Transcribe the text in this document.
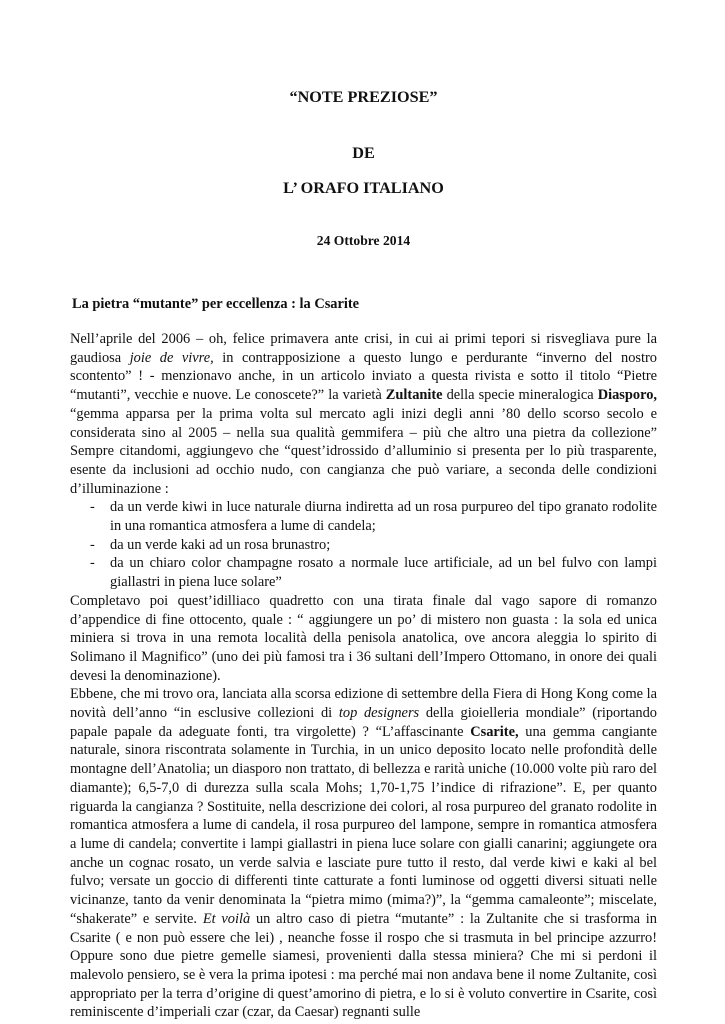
“NOTE PREZIOSE”
DE
L’ ORAFO ITALIANO
24 Ottobre 2014
La pietra “mutante” per eccellenza : la Csarite

Nell’aprile del 2006 – oh, felice primavera ante crisi, in cui ai primi tepori si risvegliava pure la gaudiosa joie de vivre, in contrapposizione a questo lungo e perdurante “inverno del nostro scontento” ! - menzionavo anche, in un articolo inviato a questa rivista e sotto il titolo “Pietre “mutanti”, vecchie e nuove. Le conoscete?” la varietà Zultanite della specie mineralogica Diasporo, “gemma apparsa per la prima volta sul mercato agli inizi degli anni ’80 dello scorso secolo e considerata sino al 2005 – nella sua qualità gemmifera – più che altro una pietra da collezione” Sempre citandomi, aggiungevo che “quest’idrossido d’alluminio si presenta per lo più trasparente, esente da inclusioni ad occhio nudo, con cangianza che può variare, a seconda delle condizioni d’illuminazione :

- da un verde kiwi in luce naturale diurna indiretta ad un rosa purpureo del tipo granato rodolite in una romantica atmosfera a lume di candela;
- da un verde kaki ad un rosa brunastro;
- da un chiaro color champagne rosato a normale luce artificiale, ad un bel fulvo con lampi giallastri in piena luce solare”

Completavo poi quest’idilliaco quadretto con una tirata finale dal vago sapore di romanzo d’appendice di fine ottocento, quale : “ aggiungere un po’ di mistero non guasta : la sola ed unica miniera si trova in una remota località della penisola anatolica, ove ancora aleggia lo spirito di Solimano il Magnifico” (uno dei più famosi tra i 36 sultani dell’Impero Ottomano, in onore dei quali devesi la denominazione).

Ebbene, che mi trovo ora, lanciata alla scorsa edizione di settembre della Fiera di Hong Kong come la novità dell’anno “in esclusive collezioni di top designers della gioielleria mondiale” (riportando papale papale da adeguate fonti, tra virgolette) ? “L’affascinante Csarite, una gemma cangiante naturale, sinora riscontrata solamente in Turchia, in un unico deposito locato nelle profondità delle montagne dell’Anatolia; un diasporo non trattato, di bellezza e rarità uniche (10.000 volte più raro del diamante); 6,5-7,0 di durezza sulla scala Mohs; 1,70-1,75 l’indice di rifrazione”. E, per quanto riguarda la cangianza ? Sostituite, nella descrizione dei colori, al rosa purpureo del granato rodolite in romantica atmosfera a lume di candela, il rosa purpureo del lampone, sempre in romantica atmosfera a lume di candela; convertite i lampi giallastri in piena luce solare con gialli canarini; aggiungete ora anche un cognac rosato, un verde salvia e lasciate pure tutto il resto, dal verde kiwi e kaki al bel fulvo; versate un goccio di differenti tinte catturate a fonti luminose od oggetti diversi situati nelle vicinanze, tanto da venir denominata la “pietra mimo (mima?)”, la “gemma camaleonte”; miscelate, “shakerate” e servite. Et voilà un altro caso di pietra “mutante” : la Zultanite che si trasforma in Csarite ( e non può essere che lei) , neanche fosse il rospo che si trasmuta in bel principe azzurro! Oppure sono due pietre gemelle siamesi, provenienti dalla stessa miniera? Che mi si perdoni il malevolo pensiero, se è vera la prima ipotesi : ma perché mai non andava bene il nome Zultanite, così appropriato per la terra d’origine di quest’amorino di pietra, e lo si è voluto convertire in Csarite, così reminiscente d’imperiali czar (czar, da Caesar) regnanti sulle
